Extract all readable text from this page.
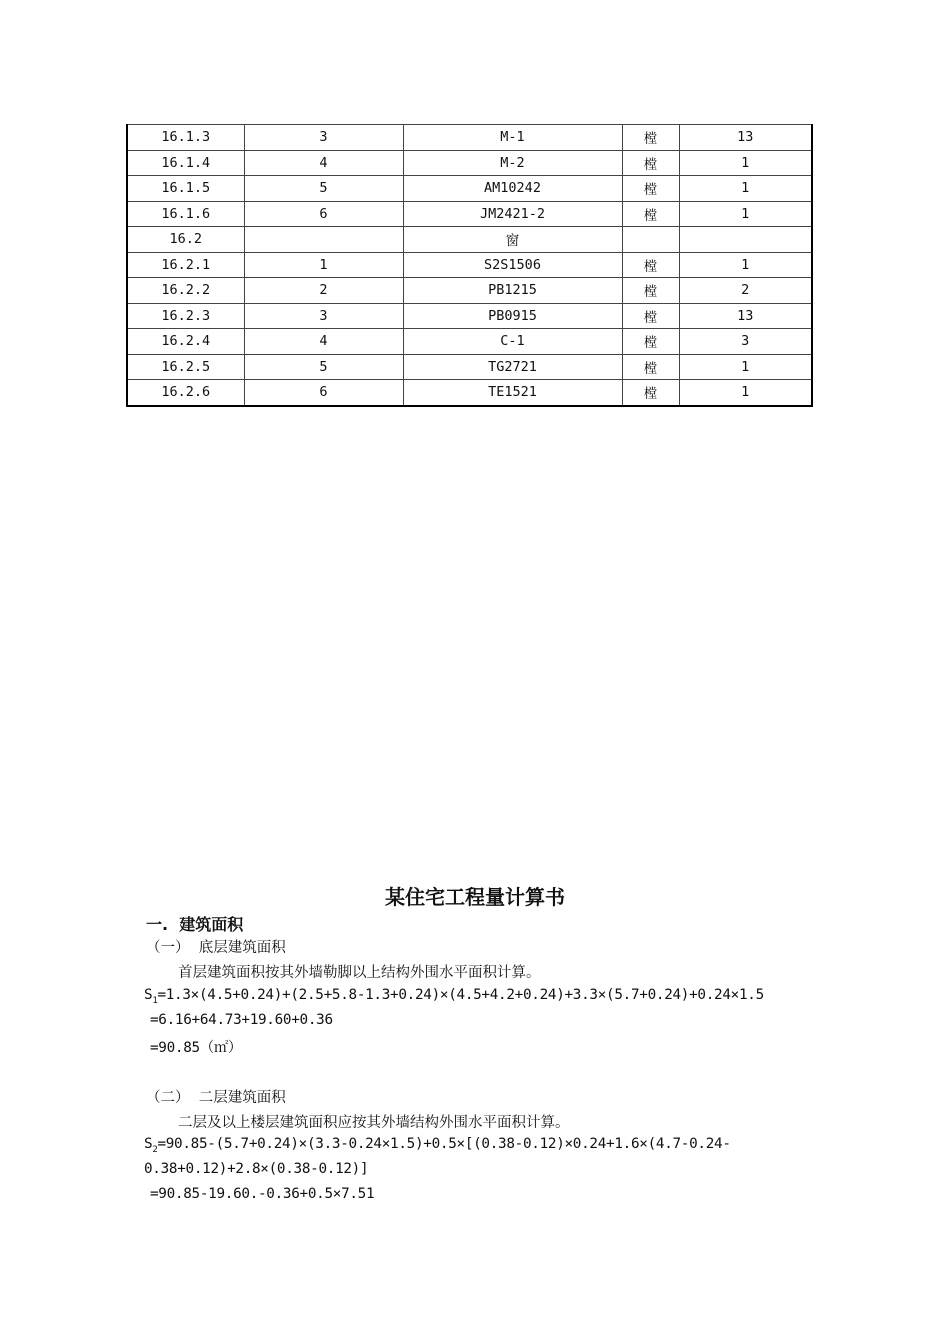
16.1.3	3	M-1	樘	13
16.1.4	4	M-2	樘	1
16.1.5	5	AM10242	樘	1
16.1.6	6	JM2421-2	樘	1
16.2		窗		
16.2.1	1	S2S1506	樘	1
16.2.2	2	PB1215	樘	2
16.2.3	3	PB0915	樘	13
16.2.4	4	C-1	樘	3
16.2.5	5	TG2721	樘	1
16.2.6	6	TE1521	樘	1
某住宅工程量计算书
一.  建筑面积
（一）  底层建筑面积
首层建筑面积按其外墙勒脚以上结构外围水平面积计算。
$S_1=1.3\times(4.5+0.24)+(2.5+5.8-1.3+0.24)\times(4.5+4.2+0.24)+3.3\times(5.7+0.24)+0.24\times 1.5$
=6.16+64.73+19.60+0.36
=90.85（㎡）
（二）  二层建筑面积
二层及以上楼层建筑面积应按其外墙结构外围水平面积计算。
$S_2=90.85-(5.7+0.24)\times(3.3-0.24\times 1.5)+0.5\times[(0.38-0.12)\times 0.24+1.6\times(4.7-0.24-$
0.38+0.12)+2.8×(0.38-0.12)]
=90.85-19.60.-0.36+0.5×7.51
